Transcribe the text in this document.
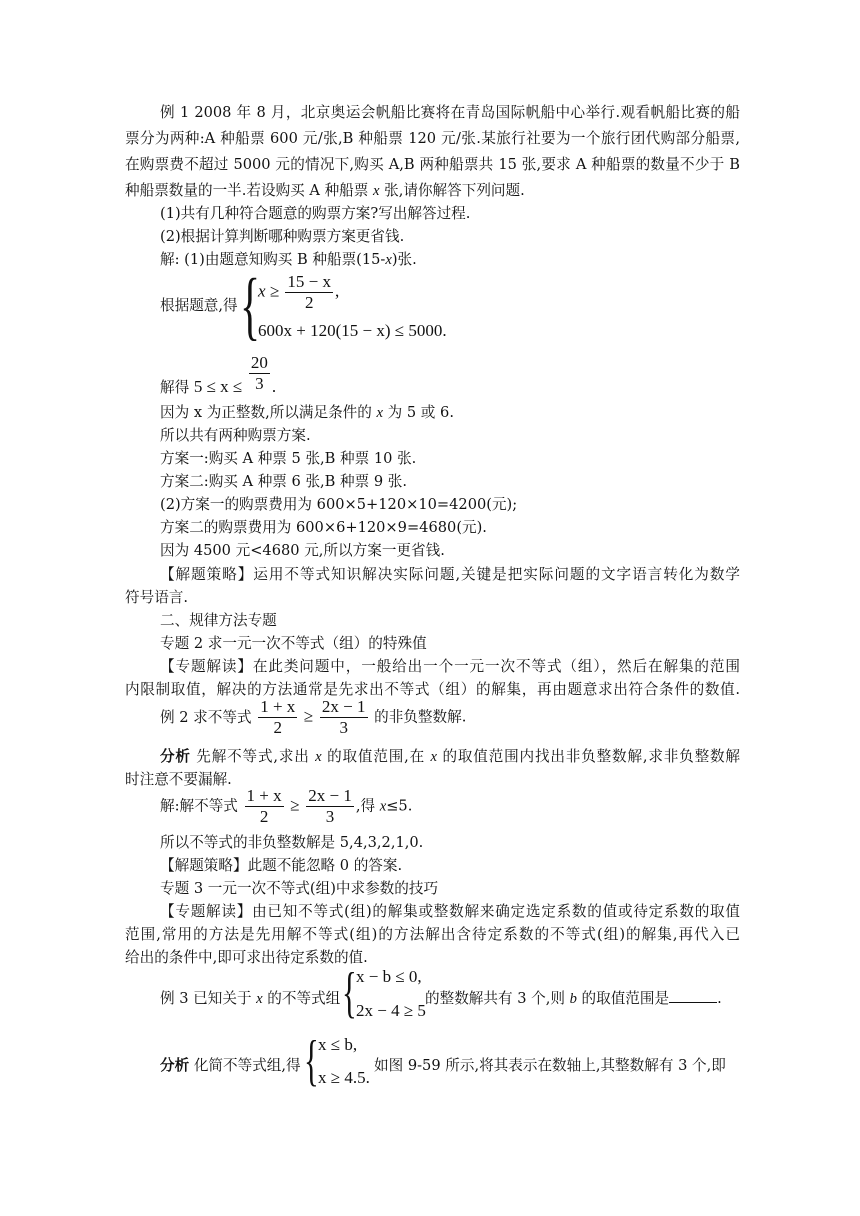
例 1 2008 年 8 月，北京奥运会帆船比赛将在青岛国际帆船中心举行.观看帆船比赛的船
票分为两种:A 种船票 600 元/张,B 种船票 120 元/张.某旅行社要为一个旅行团代购部分船票,
在购票费不超过 5000 元的情况下,购买 A,B 两种船票共 15 张,要求 A 种船票的数量不少于 B
种船票数量的一半.若设购买 A 种船票 x 张,请你解答下列问题.
(1)共有几种符合题意的购票方案?写出解答过程.
(2)根据计算判断哪种购票方案更省钱.
解: (1)由题意知购买 B 种船票(15-x)张.
根据题意,得 {
$x \ge \frac{15 - x}{2}$ ,
600x + 120(15 − x) ≤ 5000.
解得 $5 \le x \le \frac{20}{3}$ .
因为 x 为正整数,所以满足条件的 x 为 5 或 6.
所以共有两种购票方案.
方案一:购买 A 种票 5 张,B 种票 10 张.
方案二:购买 A 种票 6 张,B 种票 9 张.
(2)方案一的购票费用为 600×5+120×10=4200(元);
方案二的购票费用为 600×6+120×9=4680(元).
因为 4500 元<4680 元,所以方案一更省钱.
【解题策略】运用不等式知识解决实际问题,关键是把实际问题的文字语言转化为数学
符号语言.
二、规律方法专题
专题 2 求一元一次不等式（组）的特殊值
【专题解读】在此类问题中，一般给出一个一元一次不等式（组），然后在解集的范围
内限制取值，解决的方法通常是先求出不等式（组）的解集，再由题意求出符合条件的数值.
例 2 求不等式 $\frac{1 + x}{2} \ge \frac{2x - 1}{3}$ 的非负整数解.
分析 先解不等式,求出 x 的取值范围,在 x 的取值范围内找出非负整数解,求非负整数解
时注意不要漏解.
解:解不等式 $\frac{1 + x}{2} \ge \frac{2x - 1}{3}$ ,得 x≤5.
所以不等式的非负整数解是 5,4,3,2,1,0.
【解题策略】此题不能忽略 0 的答案.
专题 3 一元一次不等式(组)中求参数的技巧
【专题解读】由已知不等式(组)的解集或整数解来确定选定系数的值或待定系数的取值
范围,常用的方法是先用解不等式(组)的方法解出含待定系数的不等式(组)的解集,再代入已
给出的条件中,即可求出待定系数的值.
例 3 已知关于 x 的不等式组 { x − b ≤ 0,
2x − 4 ≥ 5
的整数解共有 3 个,则 b 的取值范围是	.
分析 化简不等式组,得 { x ≤ b,
x ≥ 4.5.
如图 9-59 所示,将其表示在数轴上,其整数解有 3 个,即
